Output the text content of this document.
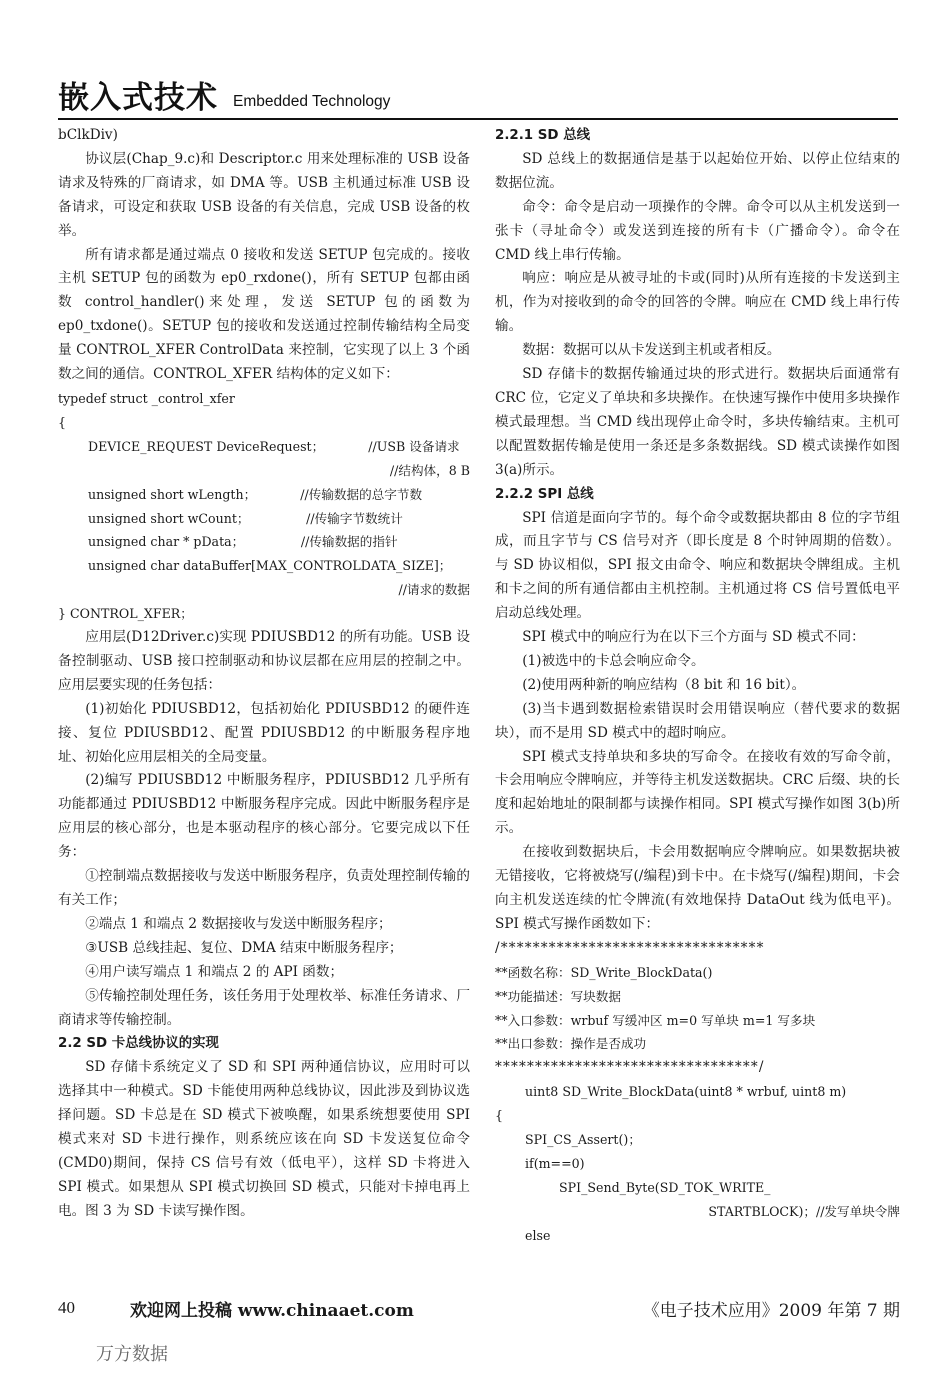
嵌入式技术 Embedded Technology

bClkDiv)

协议层(Chap_9.c)和 Descriptor.c 用来处理标准的 USB 设备请求及特殊的厂商请求，如 DMA 等。USB 主机通过标准 USB 设备请求，可设定和获取 USB 设备的有关信息，完成 USB 设备的枚举。

所有请求都是通过端点 0 接收和发送 SETUP 包完成的。接收主机 SETUP 包的函数为 ep0_rxdone()，所有 SETUP 包都由函数 control_handler()来处理，发送 SETUP 包的函数为 ep0_txdone()。SETUP 包的接收和发送通过控制传输结构全局变量 CONTROL_XFER ControlData 来控制，它实现了以上 3 个函数之间的通信。CONTROL_XFER 结构体的定义如下：

typedef struct _control_xfer

{

DEVICE_REQUEST DeviceRequest；　　　　//USB 设备请求

//结构体，8 B

unsigned short wLength；　　　　//传输数据的总字节数

unsigned short wCount；　　　　　//传输字节数统计

unsigned char * pData；　　　　　//传输数据的指针

unsigned char dataBuffer[MAX_CONTROLDATA_SIZE]；

//请求的数据

} CONTROL_XFER；

应用层(D12Driver.c)实现 PDIUSBD12 的所有功能。USB 设备控制驱动、USB 接口控制驱动和协议层都在应用层的控制之中。应用层要实现的任务包括：

(1)初始化 PDIUSBD12，包括初始化 PDIUSBD12 的硬件连接、复位 PDIUSBD12、配置 PDIUSBD12 的中断服务程序地址、初始化应用层相关的全局变量。

(2)编写 PDIUSBD12 中断服务程序，PDIUSBD12 几乎所有功能都通过 PDIUSBD12 中断服务程序完成。因此中断服务程序是应用层的核心部分，也是本驱动程序的核心部分。它要完成以下任务：

①控制端点数据接收与发送中断服务程序，负责处理控制传输的有关工作；

②端点 1 和端点 2 数据接收与发送中断服务程序；

③USB 总线挂起、复位、DMA 结束中断服务程序；

④用户读写端点 1 和端点 2 的 API 函数；

⑤传输控制处理任务，该任务用于处理枚举、标准任务请求、厂商请求等传输控制。

2.2 SD 卡总线协议的实现

SD 存储卡系统定义了 SD 和 SPI 两种通信协议，应用时可以选择其中一种模式。SD 卡能使用两种总线协议，因此涉及到协议选择问题。SD 卡总是在 SD 模式下被唤醒，如果系统想要使用 SPI 模式来对 SD 卡进行操作，则系统应该在向 SD 卡发送复位命令(CMD0)期间，保持 CS 信号有效（低电平），这样 SD 卡将进入 SPI 模式。如果想从 SPI 模式切换回 SD 模式，只能对卡掉电再上电。图 3 为 SD 卡读写操作图。

2.2.1 SD 总线

SD 总线上的数据通信是基于以起始位开始、以停止位结束的数据位流。

命令：命令是启动一项操作的令牌。命令可以从主机发送到一张卡（寻址命令）或发送到连接的所有卡（广播命令）。命令在 CMD 线上串行传输。

响应：响应是从被寻址的卡或(同时)从所有连接的卡发送到主机，作为对接收到的命令的回答的令牌。响应在 CMD 线上串行传输。

数据：数据可以从卡发送到主机或者相反。

SD 存储卡的数据传输通过块的形式进行。数据块后面通常有 CRC 位，它定义了单块和多块操作。在快速写操作中使用多块操作模式最理想。当 CMD 线出现停止命令时，多块传输结束。主机可以配置数据传输是使用一条还是多条数据线。SD 模式读操作如图 3(a)所示。

2.2.2 SPI 总线

SPI 信道是面向字节的。每个命令或数据块都由 8 位的字节组成，而且字节与 CS 信号对齐（即长度是 8 个时钟周期的倍数）。与 SD 协议相似，SPI 报文由命令、响应和数据块令牌组成。主机和卡之间的所有通信都由主机控制。主机通过将 CS 信号置低电平启动总线处理。

SPI 模式中的响应行为在以下三个方面与 SD 模式不同：

(1)被选中的卡总会响应命令。

(2)使用两种新的响应结构（8 bit 和 16 bit）。

(3)当卡遇到数据检索错误时会用错误响应（替代要求的数据块），而不是用 SD 模式中的超时响应。

SPI 模式支持单块和多块的写命令。在接收有效的写命令前，卡会用响应令牌响应，并等待主机发送数据块。CRC 后缀、块的长度和起始地址的限制都与读操作相同。SPI 模式写操作如图 3(b)所示。

在接收到数据块后，卡会用数据响应令牌响应。如果数据块被无错接收，它将被烧写(/编程)到卡中。在卡烧写(/编程)期间，卡会向主机发送连续的忙令牌流(有效地保持 DataOut 线为低电平)。SPI 模式写操作函数如下：

/*********************************

**函数名称：SD_Write_BlockData()

**功能描述：写块数据

**入口参数：wrbuf 写缓冲区 m=0 写单块 m=1 写多块

**出口参数：操作是否成功

*********************************/

uint8 SD_Write_BlockData(uint8 * wrbuf, uint8 m)

{

SPI_CS_Assert()；

if(m==0)

SPI_Send_Byte(SD_TOK_WRITE_

STARTBLOCK)；//发写单块令牌

else

40	欢迎网上投稿 www.chinaaet.com	《电子技术应用》2009 年第 7 期
万方数据
